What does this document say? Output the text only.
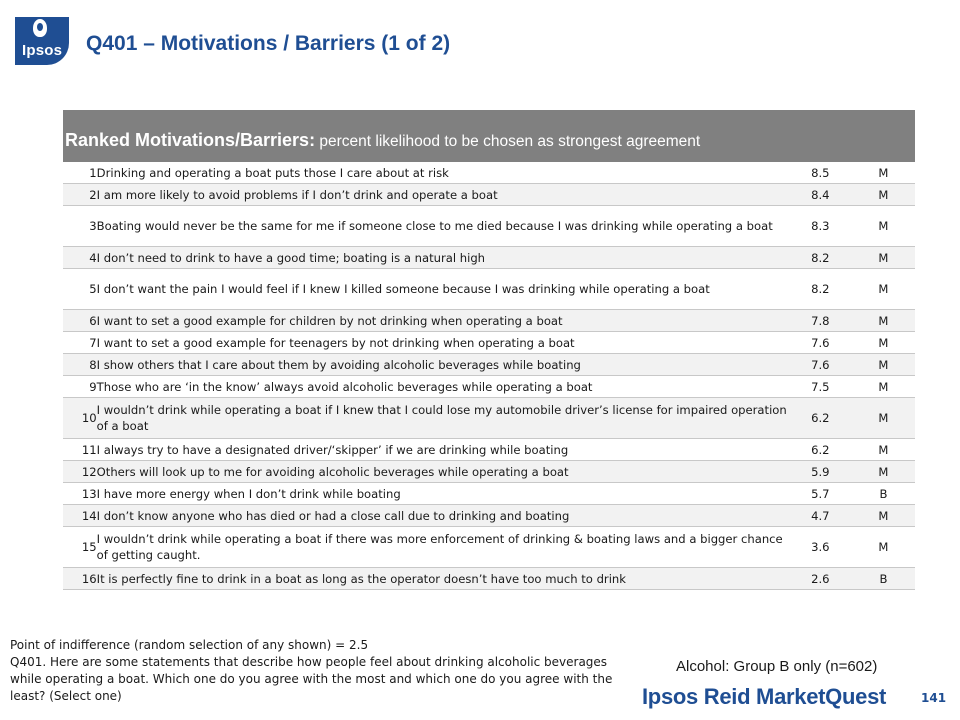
Ipsos Q401 – Motivations / Barriers (1 of 2)
Ranked Motivations/Barriers: percent likelihood to be chosen as strongest agreement			
1	Drinking and operating a boat puts those I care about at risk	8.5	M
2	I am more likely to avoid problems if I don’t drink and operate a boat	8.4	M
3	Boating would never be the same for me if someone close to me died because I was drinking while operating a boat	8.3	M
4	I don’t need to drink to have a good time; boating is a natural high	8.2	M
5	I don’t want the pain I would feel if I knew I killed someone because I was drinking while operating a boat	8.2	M
6	I want to set a good example for children by not drinking when operating a boat	7.8	M
7	I want to set a good example for teenagers by not drinking when operating a boat	7.6	M
8	I show others that I care about them by avoiding alcoholic beverages while boating	7.6	M
9	Those who are ‘in the know’ always avoid alcoholic beverages while operating a boat	7.5	M
10	I wouldn’t drink while operating a boat if I knew that I could lose my automobile driver’s license for impaired operation of a boat	6.2	M
11	I always try to have a designated driver/‘skipper’ if we are drinking while boating	6.2	M
12	Others will look up to me for avoiding alcoholic beverages while operating a boat	5.9	M
13	I have more energy when I don’t drink while boating	5.7	B
14	I don’t know anyone who has died or had a close call due to drinking and boating	4.7	M
15	I wouldn’t drink while operating a boat if there was more enforcement of drinking & boating laws and a bigger chance of getting caught.	3.6	M
16	It is perfectly fine to drink in a boat as long as the operator doesn’t have too much to drink	2.6	B

Point of indifference (random selection of any shown) = 2.5

Q401. Here are some statements that describe how people feel about drinking alcoholic beverages while operating a boat. Which one do you agree with the most and which one do you agree with the least? (Select one)

Alcohol: Group B only (n=602)
Ipsos Reid MarketQuest	141
